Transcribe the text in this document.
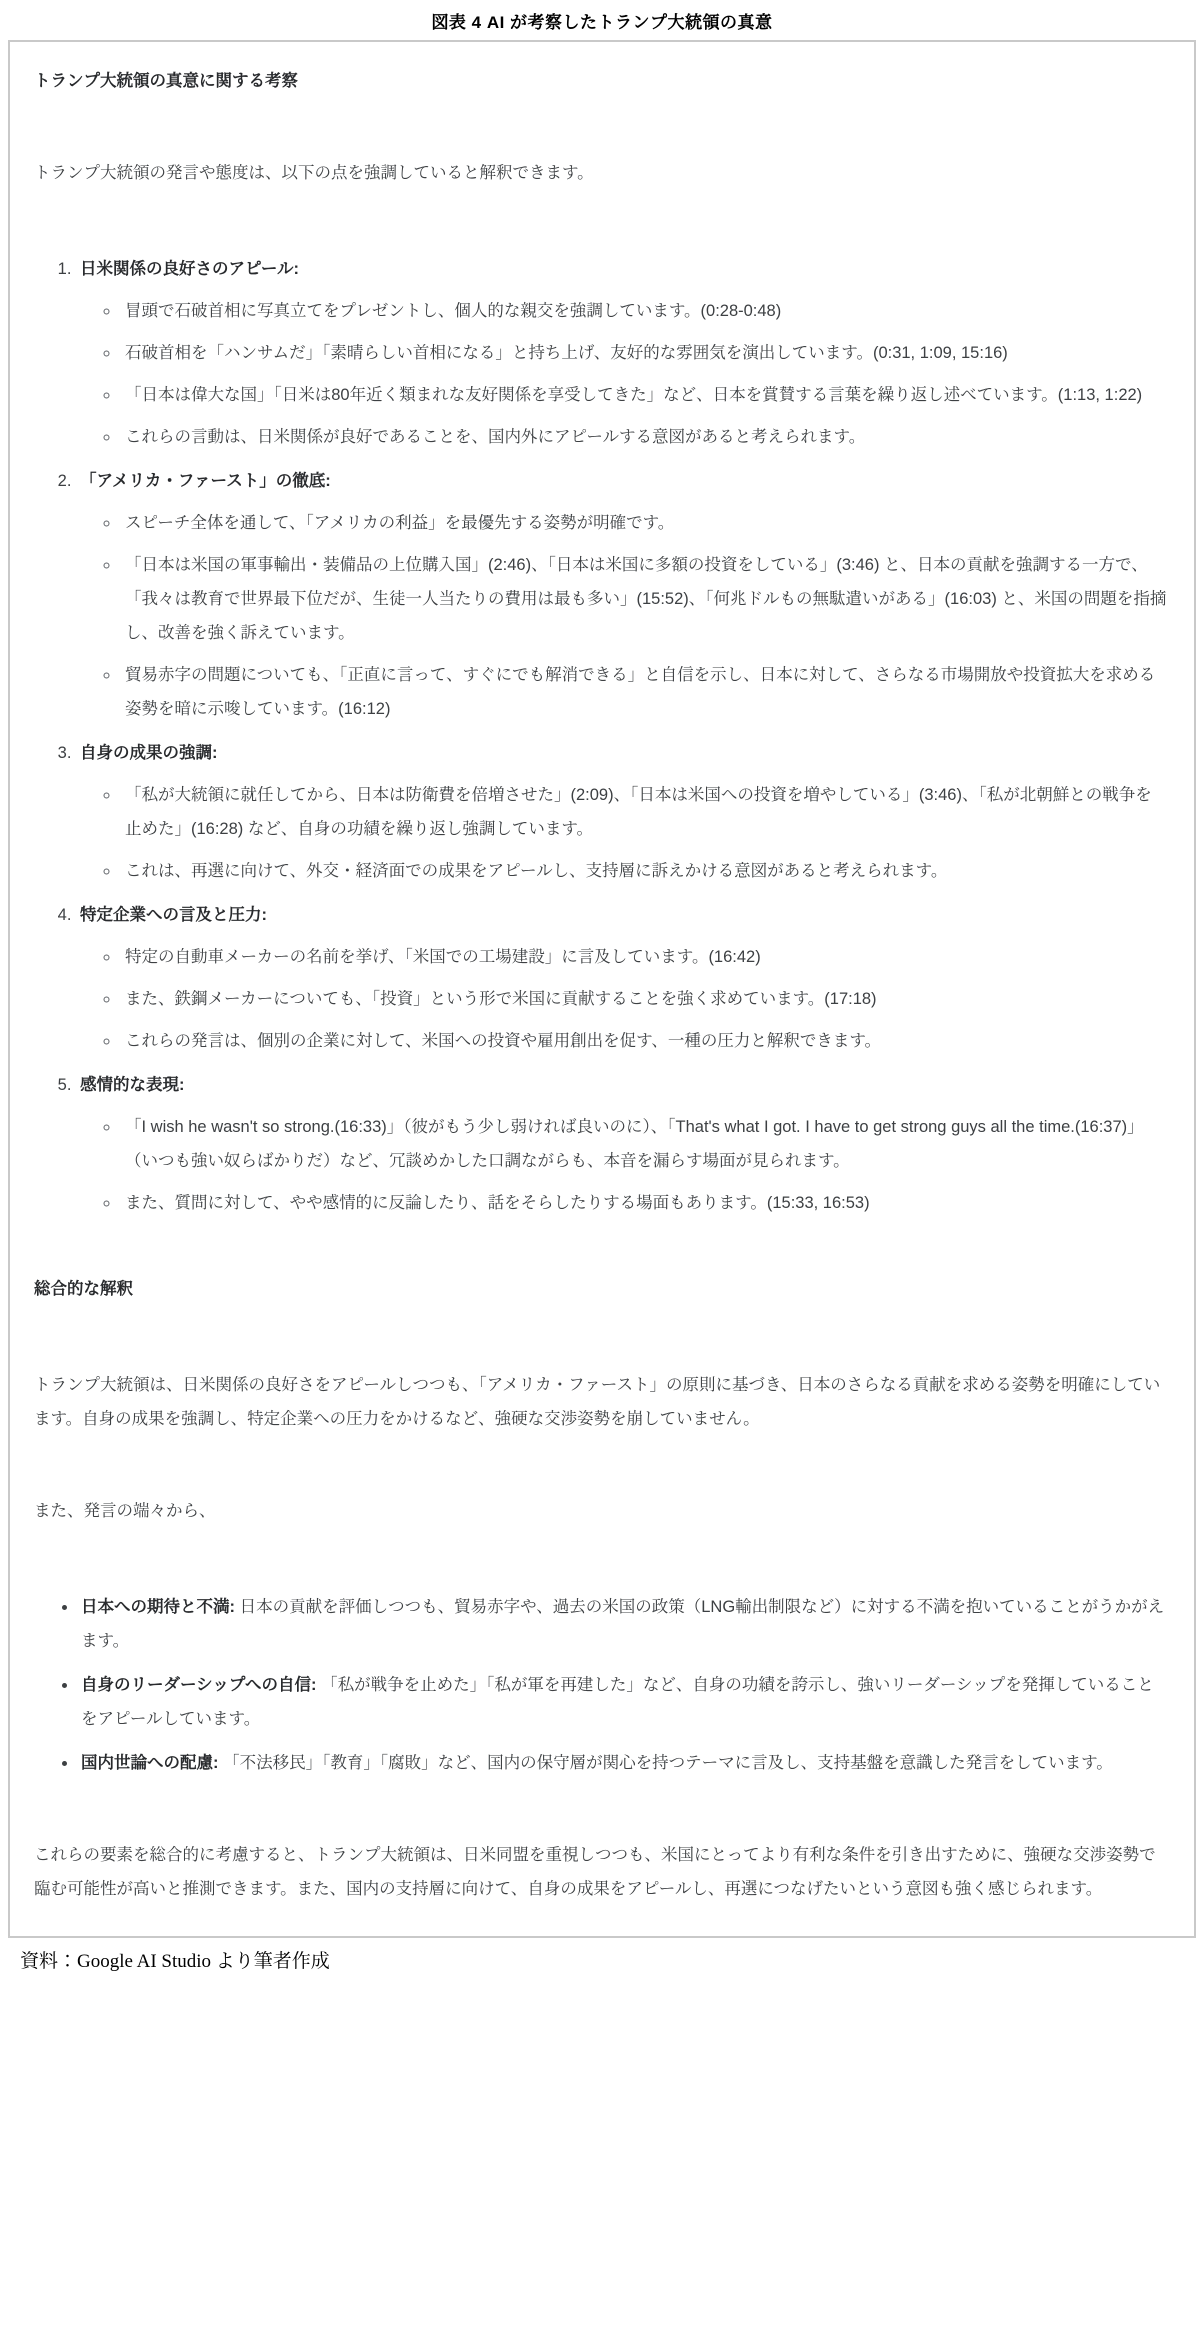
図表 4 AI が考察したトランプ大統領の真意

トランプ大統領の真意に関する考察

トランプ大統領の発言や態度は、以下の点を強調していると解釈できます。

1. 日米関係の良好さのアピール:
◦ 冒頭で石破首相に写真立てをプレゼントし、個人的な親交を強調しています。(0:28-0:48)
◦ 石破首相を「ハンサムだ」「素晴らしい首相になる」と持ち上げ、友好的な雰囲気を演出しています。(0:31, 1:09, 15:16)
◦ 「日本は偉大な国」「日米は80年近く類まれな友好関係を享受してきた」など、日本を賞賛する言葉を繰り返し述べています。(1:13, 1:22)
◦ これらの言動は、日米関係が良好であることを、国内外にアピールする意図があると考えられます。
2. 「アメリカ・ファースト」の徹底:
◦ スピーチ全体を通して、「アメリカの利益」を最優先する姿勢が明確です。
◦ 「日本は米国の軍事輸出・装備品の上位購入国」(2:46)、「日本は米国に多額の投資をしている」(3:46) と、日本の貢献を強調する一方で、「我々は教育で世界最下位だが、生徒一人当たりの費用は最も多い」(15:52)、「何兆ドルもの無駄遣いがある」(16:03) と、米国の問題を指摘し、改善を強く訴えています。
◦ 貿易赤字の問題についても、「正直に言って、すぐにでも解消できる」と自信を示し、日本に対して、さらなる市場開放や投資拡大を求める姿勢を暗に示唆しています。(16:12)
3. 自身の成果の強調:
◦ 「私が大統領に就任してから、日本は防衛費を倍増させた」(2:09)、「日本は米国への投資を増やしている」(3:46)、「私が北朝鮮との戦争を止めた」(16:28) など、自身の功績を繰り返し強調しています。
◦ これは、再選に向けて、外交・経済面での成果をアピールし、支持層に訴えかける意図があると考えられます。
4. 特定企業への言及と圧力:
◦ 特定の自動車メーカーの名前を挙げ、「米国での工場建設」に言及しています。(16:42)
◦ また、鉄鋼メーカーについても、「投資」という形で米国に貢献することを強く求めています。(17:18)
◦ これらの発言は、個別の企業に対して、米国への投資や雇用創出を促す、一種の圧力と解釈できます。
5. 感情的な表現:
◦ 「I wish he wasn't so strong.(16:33)」（彼がもう少し弱ければ良いのに）、「That's what I got. I have to get strong guys all the time.(16:37)」（いつも強い奴らばかりだ）など、冗談めかした口調ながらも、本音を漏らす場面が見られます。
◦ また、質問に対して、やや感情的に反論したり、話をそらしたりする場面もあります。(15:33, 16:53)

総合的な解釈

トランプ大統領は、日米関係の良好さをアピールしつつも、「アメリカ・ファースト」の原則に基づき、日本のさらなる貢献を求める姿勢を明確にしています。自身の成果を強調し、特定企業への圧力をかけるなど、強硬な交渉姿勢を崩していません。

また、発言の端々から、

• 日本への期待と不満: 日本の貢献を評価しつつも、貿易赤字や、過去の米国の政策（LNG輸出制限など）に対する不満を抱いていることがうかがえます。
• 自身のリーダーシップへの自信: 「私が戦争を止めた」「私が軍を再建した」など、自身の功績を誇示し、強いリーダーシップを発揮していることをアピールしています。
• 国内世論への配慮: 「不法移民」「教育」「腐敗」など、国内の保守層が関心を持つテーマに言及し、支持基盤を意識した発言をしています。

これらの要素を総合的に考慮すると、トランプ大統領は、日米同盟を重視しつつも、米国にとってより有利な条件を引き出すために、強硬な交渉姿勢で臨む可能性が高いと推測できます。また、国内の支持層に向けて、自身の成果をアピールし、再選につなげたいという意図も強く感じられます。

資料：Google AI Studio より筆者作成
